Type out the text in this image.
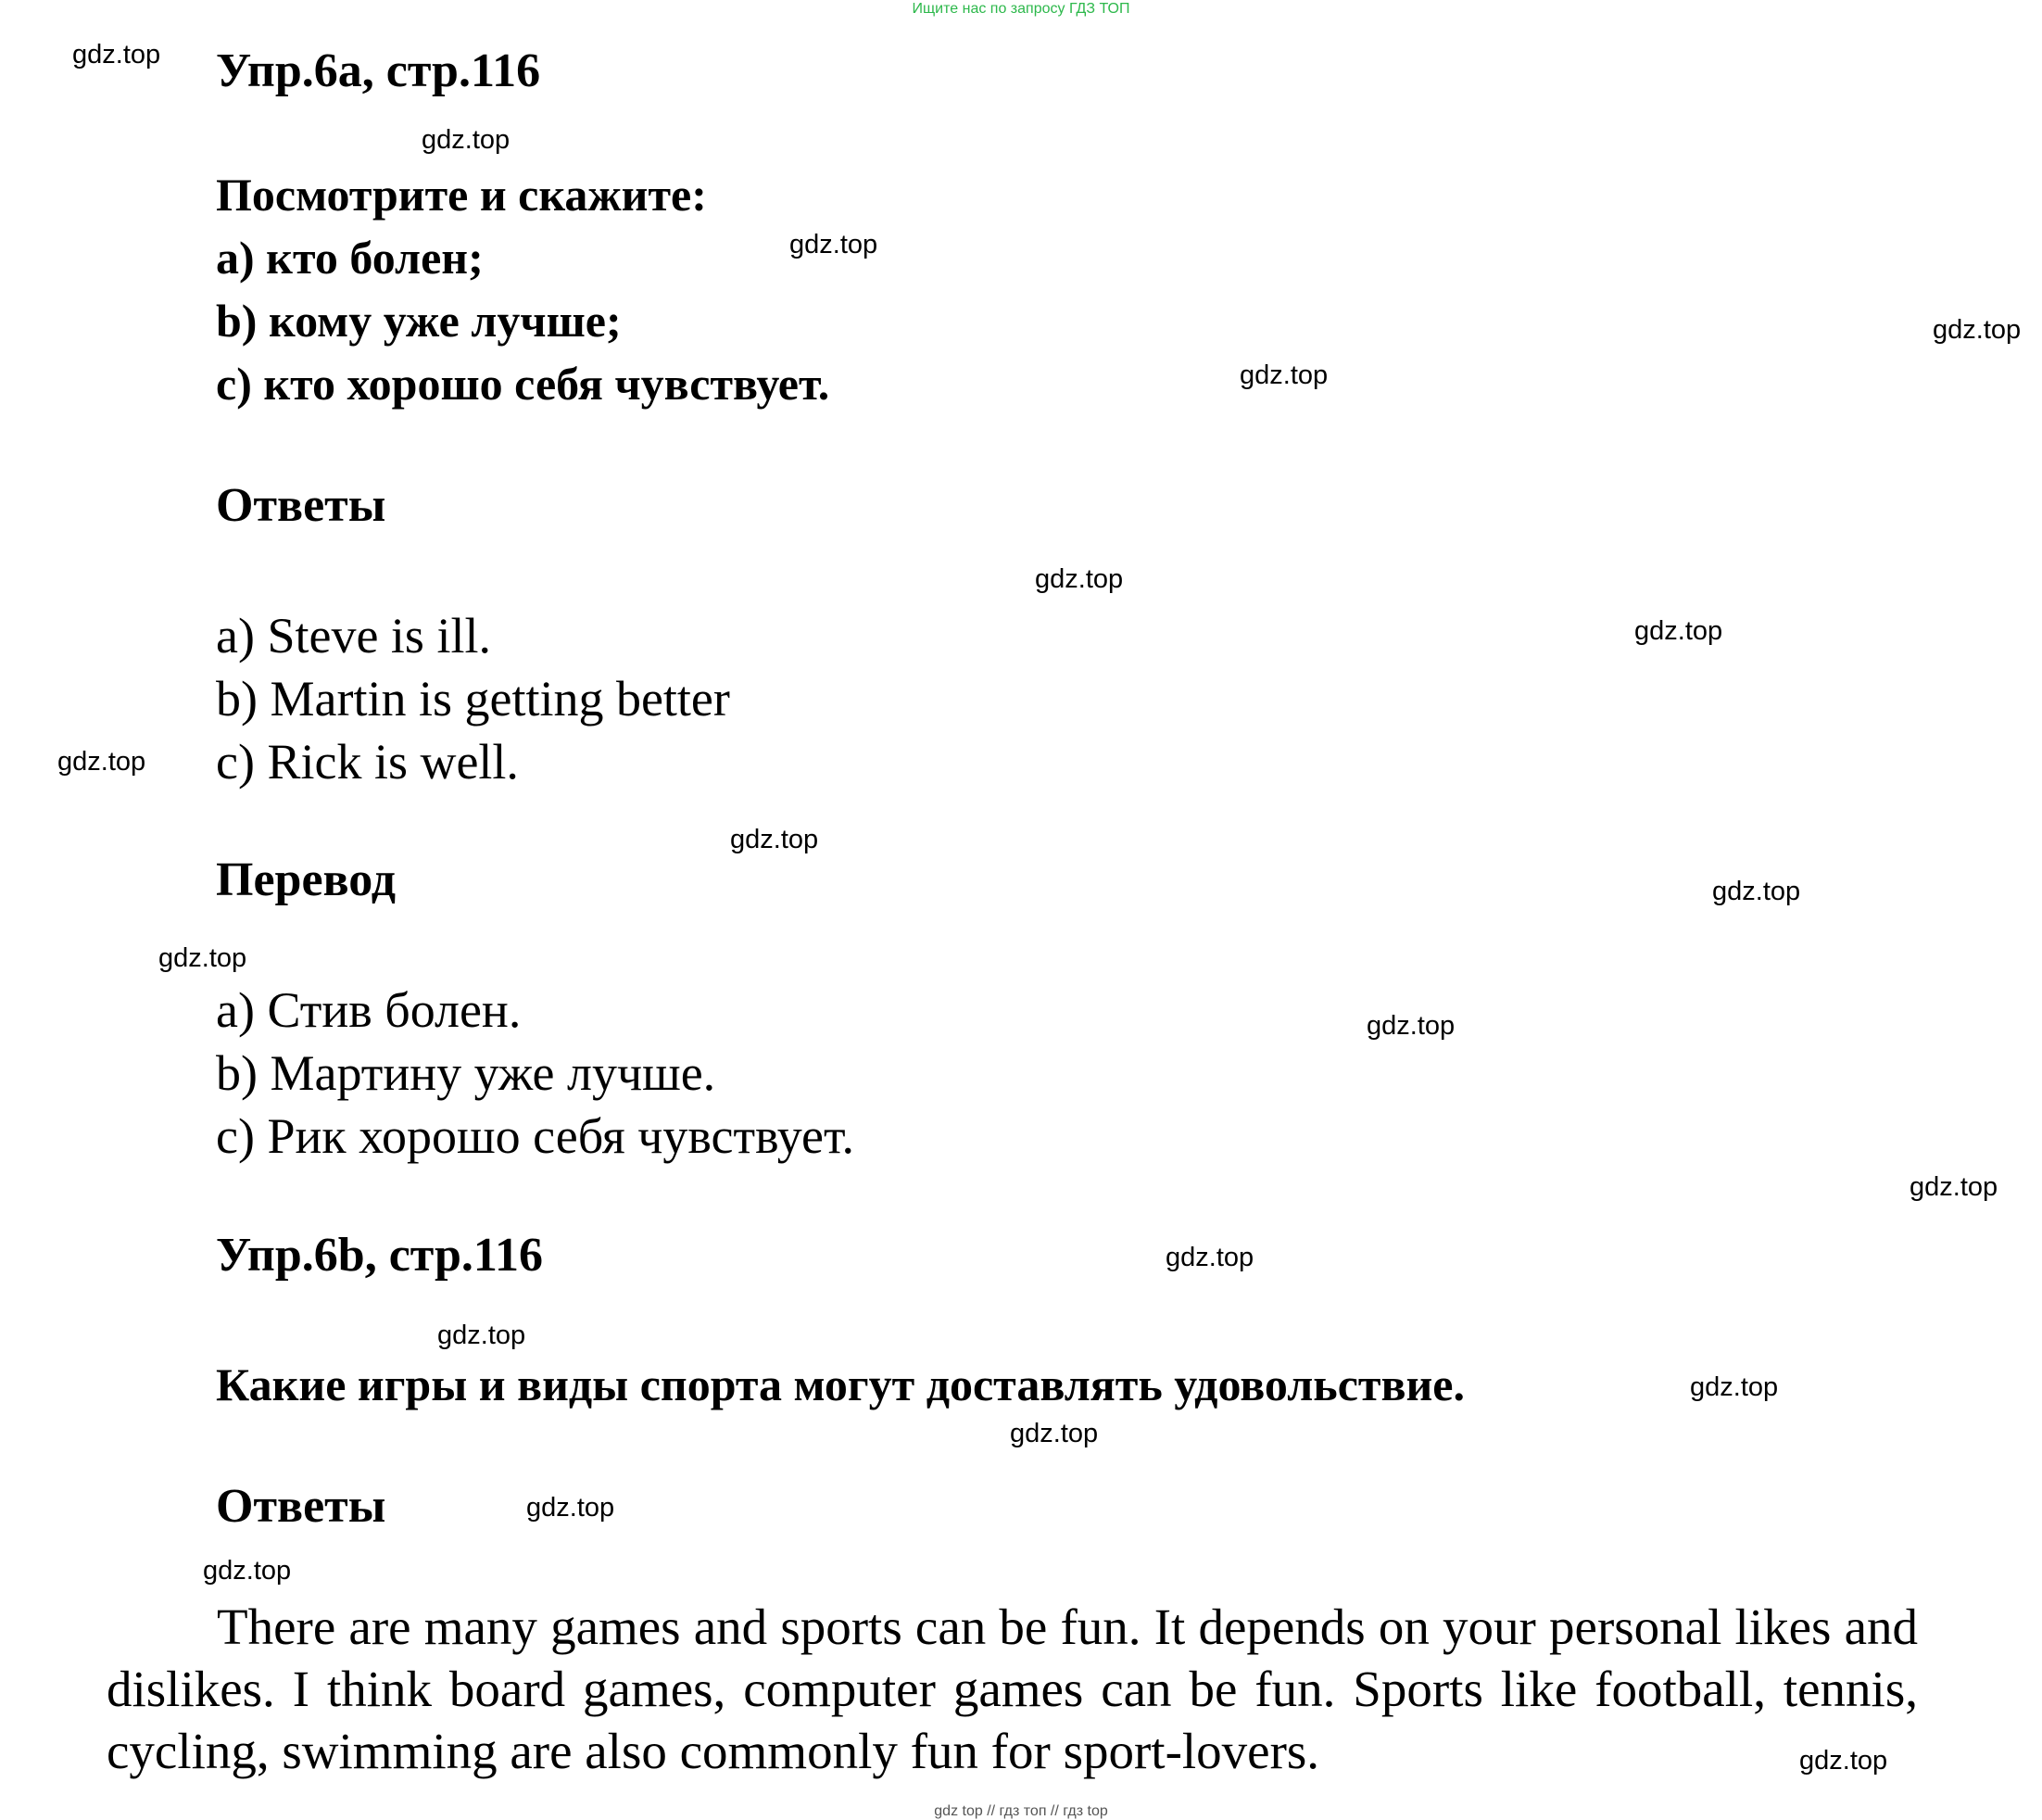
Ищите нас по запросу ГДЗ ТОП
Упр.6а, стр.116
Посмотрите и скажите:
a) кто болен;
b) кому уже лучше;
c) кто хорошо себя чувствует.
Ответы
a) Steve is ill.
b) Martin is getting better
c) Rick is well.
Перевод
a) Стив болен.
b) Мартину уже лучше.
c) Рик хорошо себя чувствует.
Упр.6b, стр.116
Какие игры и виды спорта могут доставлять удовольствие.
Ответы
There are many games and sports can be fun. It depends on your personal likes and dislikes. I think board games, computer games can be fun. Sports like football, tennis, cycling, swimming are also commonly fun for sport-lovers.
gdz.top
gdz.top
gdz.top
gdz.top
gdz.top
gdz.top
gdz.top
gdz.top
gdz.top
gdz.top
gdz.top
gdz.top
gdz.top
gdz.top
gdz.top
gdz.top
gdz.top
gdz.top
gdz.top
gdz.top
gdz top // гдз топ // гдз top
